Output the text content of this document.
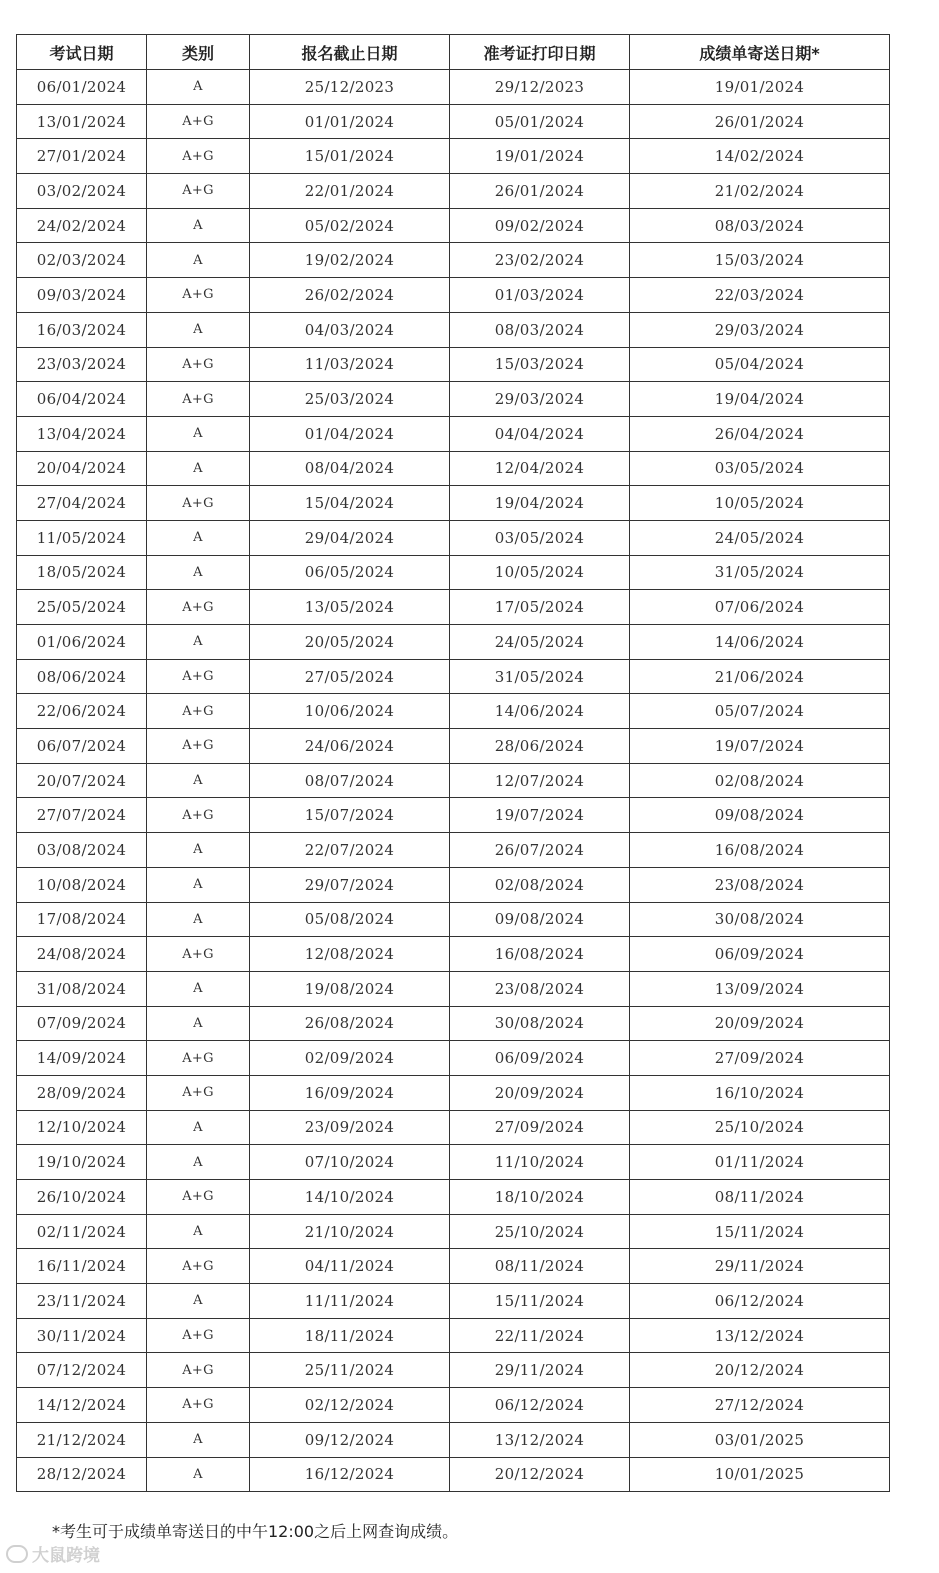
考试日期	类别	报名截止日期	准考证打印日期	成绩单寄送日期*
06/01/2024	A	25/12/2023	29/12/2023	19/01/2024
13/01/2024	A+G	01/01/2024	05/01/2024	26/01/2024
27/01/2024	A+G	15/01/2024	19/01/2024	14/02/2024
03/02/2024	A+G	22/01/2024	26/01/2024	21/02/2024
24/02/2024	A	05/02/2024	09/02/2024	08/03/2024
02/03/2024	A	19/02/2024	23/02/2024	15/03/2024
09/03/2024	A+G	26/02/2024	01/03/2024	22/03/2024
16/03/2024	A	04/03/2024	08/03/2024	29/03/2024
23/03/2024	A+G	11/03/2024	15/03/2024	05/04/2024
06/04/2024	A+G	25/03/2024	29/03/2024	19/04/2024
13/04/2024	A	01/04/2024	04/04/2024	26/04/2024
20/04/2024	A	08/04/2024	12/04/2024	03/05/2024
27/04/2024	A+G	15/04/2024	19/04/2024	10/05/2024
11/05/2024	A	29/04/2024	03/05/2024	24/05/2024
18/05/2024	A	06/05/2024	10/05/2024	31/05/2024
25/05/2024	A+G	13/05/2024	17/05/2024	07/06/2024
01/06/2024	A	20/05/2024	24/05/2024	14/06/2024
08/06/2024	A+G	27/05/2024	31/05/2024	21/06/2024
22/06/2024	A+G	10/06/2024	14/06/2024	05/07/2024
06/07/2024	A+G	24/06/2024	28/06/2024	19/07/2024
20/07/2024	A	08/07/2024	12/07/2024	02/08/2024
27/07/2024	A+G	15/07/2024	19/07/2024	09/08/2024
03/08/2024	A	22/07/2024	26/07/2024	16/08/2024
10/08/2024	A	29/07/2024	02/08/2024	23/08/2024
17/08/2024	A	05/08/2024	09/08/2024	30/08/2024
24/08/2024	A+G	12/08/2024	16/08/2024	06/09/2024
31/08/2024	A	19/08/2024	23/08/2024	13/09/2024
07/09/2024	A	26/08/2024	30/08/2024	20/09/2024
14/09/2024	A+G	02/09/2024	06/09/2024	27/09/2024
28/09/2024	A+G	16/09/2024	20/09/2024	16/10/2024
12/10/2024	A	23/09/2024	27/09/2024	25/10/2024
19/10/2024	A	07/10/2024	11/10/2024	01/11/2024
26/10/2024	A+G	14/10/2024	18/10/2024	08/11/2024
02/11/2024	A	21/10/2024	25/10/2024	15/11/2024
16/11/2024	A+G	04/11/2024	08/11/2024	29/11/2024
23/11/2024	A	11/11/2024	15/11/2024	06/12/2024
30/11/2024	A+G	18/11/2024	22/11/2024	13/12/2024
07/12/2024	A+G	25/11/2024	29/11/2024	20/12/2024
14/12/2024	A+G	02/12/2024	06/12/2024	27/12/2024
21/12/2024	A	09/12/2024	13/12/2024	03/01/2025
28/12/2024	A	16/12/2024	20/12/2024	10/01/2025
*考生可于成绩单寄送日的中午12:00之后上网查询成绩。
大鼠跨境
